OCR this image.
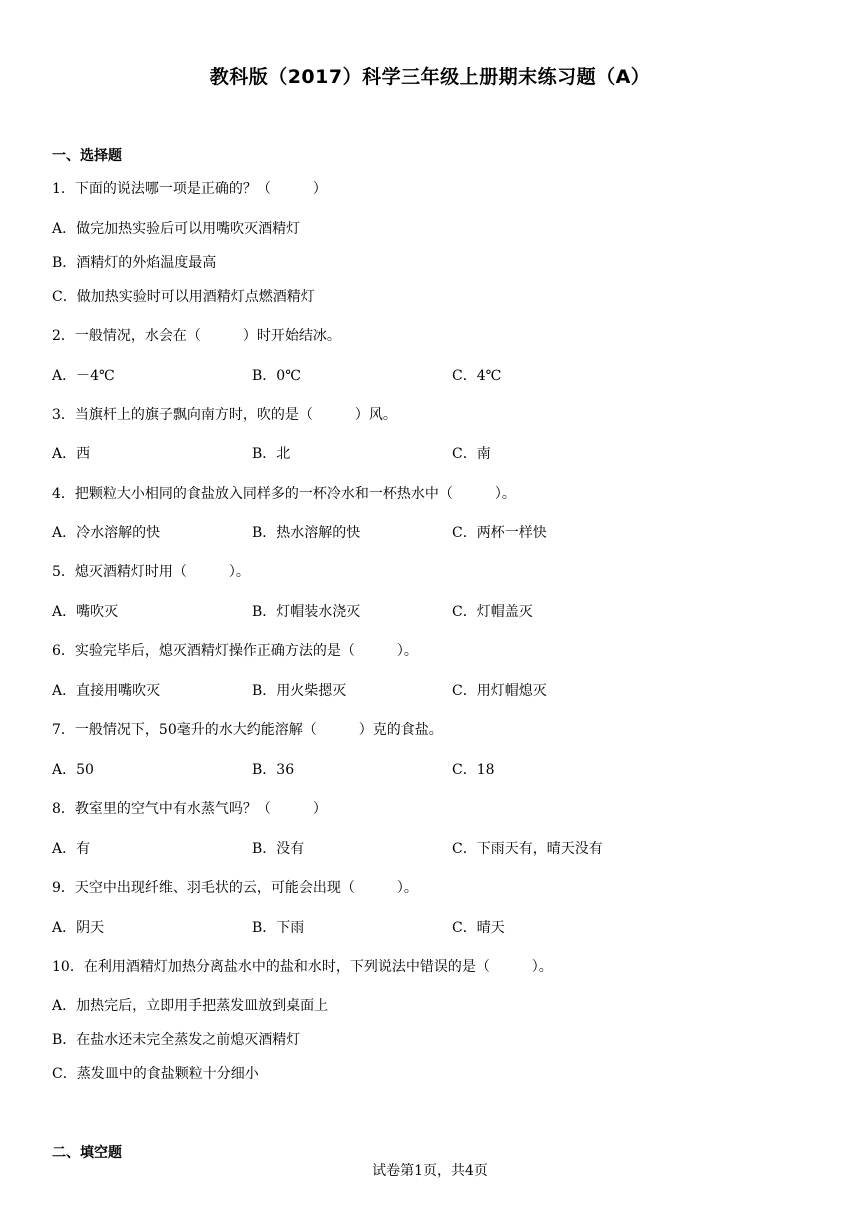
教科版（2017）科学三年级上册期末练习题（A）
一、选择题
1．下面的说法哪一项是正确的？（　　　）
A．做完加热实验后可以用嘴吹灭酒精灯
B．酒精灯的外焰温度最高
C．做加热实验时可以用酒精灯点燃酒精灯
2．一般情况，水会在（　　　）时开始结冰。
A．－4℃	B．0℃	C．4℃
3．当旗杆上的旗子飘向南方时，吹的是（　　　）风。
A．西	B．北	C．南
4．把颗粒大小相同的食盐放入同样多的一杯冷水和一杯热水中（　　　）。
A．冷水溶解的快	B．热水溶解的快	C．两杯一样快
5．熄灭酒精灯时用（　　　）。
A．嘴吹灭	B．灯帽装水浇灭	C．灯帽盖灭
6．实验完毕后，熄灭酒精灯操作正确方法的是（　　　）。
A．直接用嘴吹灭	B．用火柴摁灭	C．用灯帽熄灭
7．一般情况下，50毫升的水大约能溶解（　　　）克的食盐。
A．50	B．36	C．18
8．教室里的空气中有水蒸气吗？（　　　）
A．有	B．没有	C．下雨天有，晴天没有
9．天空中出现纤维、羽毛状的云，可能会出现（　　　）。
A．阴天	B．下雨	C．晴天
10．在利用酒精灯加热分离盐水中的盐和水时，下列说法中错误的是（　　　）。
A．加热完后，立即用手把蒸发皿放到桌面上
B．在盐水还未完全蒸发之前熄灭酒精灯
C．蒸发皿中的食盐颗粒十分细小
二、填空题
试卷第1页，共4页
